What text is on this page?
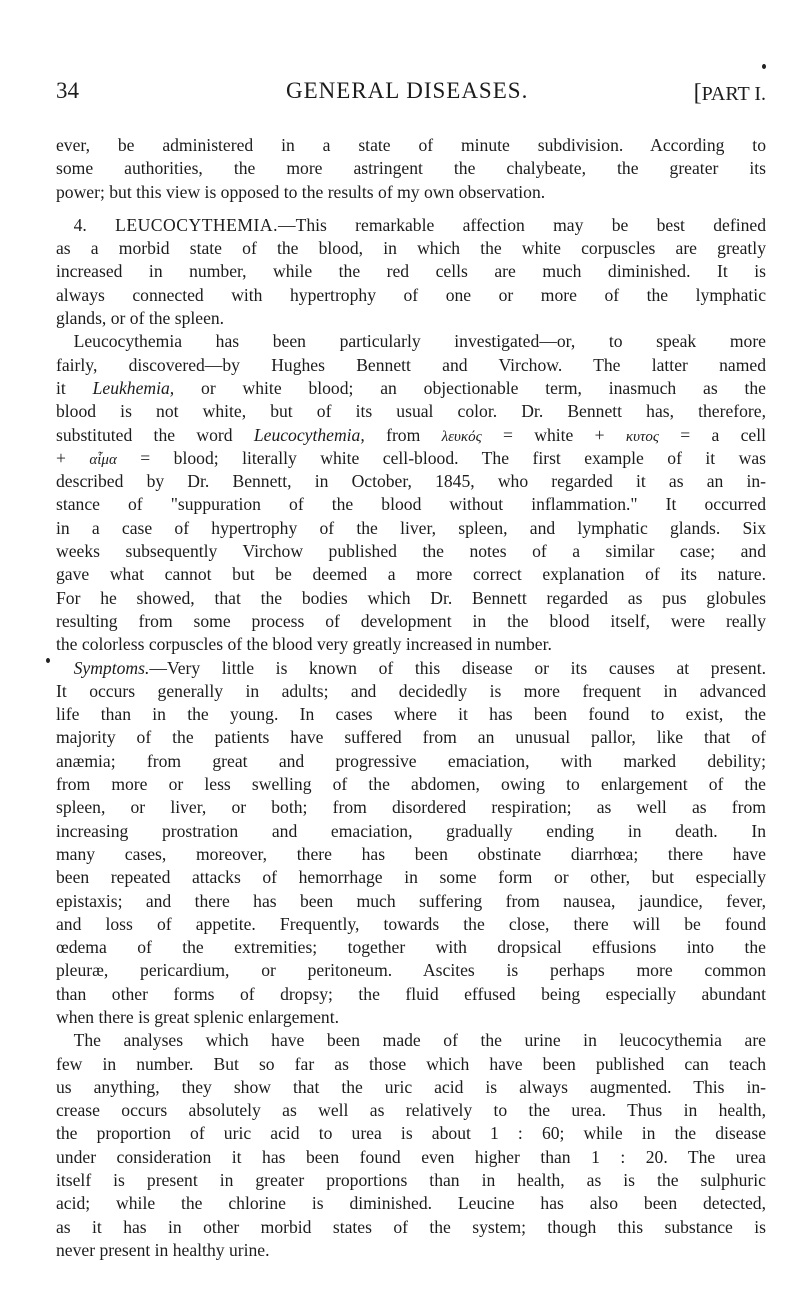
34	GENERAL DISEASES.	[PART I.
ever, be administered in a state of minute subdivision. According to
some authorities, the more astringent the chalybeate, the greater its
power; but this view is opposed to the results of my own observation.
 4. LEUCOCYTHEMIA.—This remarkable affection may be best defined
as a morbid state of the blood, in which the white corpuscles are greatly
increased in number, while the red cells are much diminished. It is
always connected with hypertrophy of one or more of the lymphatic
glands, or of the spleen.
 Leucocythemia has been particularly investigated—or, to speak more
fairly, discovered—by Hughes Bennett and Virchow. The latter named
it Leukhemia, or white blood; an objectionable term, inasmuch as the
blood is not white, but of its usual color. Dr. Bennett has, therefore,
substituted the word Leucocythemia, from λευκός = white + κυτος = a cell
+ αἷμα = blood; literally white cell-blood. The first example of it was
described by Dr. Bennett, in October, 1845, who regarded it as an in-
stance of "suppuration of the blood without inflammation." It occurred
in a case of hypertrophy of the liver, spleen, and lymphatic glands. Six
weeks subsequently Virchow published the notes of a similar case; and
gave what cannot but be deemed a more correct explanation of its nature.
For he showed, that the bodies which Dr. Bennett regarded as pus globules
resulting from some process of development in the blood itself, were really
the colorless corpuscles of the blood very greatly increased in number.
 Symptoms.—Very little is known of this disease or its causes at present.
It occurs generally in adults; and decidedly is more frequent in advanced
life than in the young. In cases where it has been found to exist, the
majority of the patients have suffered from an unusual pallor, like that of
anæmia; from great and progressive emaciation, with marked debility;
from more or less swelling of the abdomen, owing to enlargement of the
spleen, or liver, or both; from disordered respiration; as well as from
increasing prostration and emaciation, gradually ending in death. In
many cases, moreover, there has been obstinate diarrhœa; there have
been repeated attacks of hemorrhage in some form or other, but especially
epistaxis; and there has been much suffering from nausea, jaundice, fever,
and loss of appetite. Frequently, towards the close, there will be found
œdema of the extremities; together with dropsical effusions into the
pleuræ, pericardium, or peritoneum. Ascites is perhaps more common
than other forms of dropsy; the fluid effused being especially abundant
when there is great splenic enlargement.
 The analyses which have been made of the urine in leucocythemia are
few in number. But so far as those which have been published can teach
us anything, they show that the uric acid is always augmented. This in-
crease occurs absolutely as well as relatively to the urea. Thus in health,
the proportion of uric acid to urea is about 1 : 60; while in the disease
under consideration it has been found even higher than 1 : 20. The urea
itself is present in greater proportions than in health, as is the sulphuric
acid; while the chlorine is diminished. Leucine has also been detected,
as it has in other morbid states of the system; though this substance is
never present in healthy urine.
